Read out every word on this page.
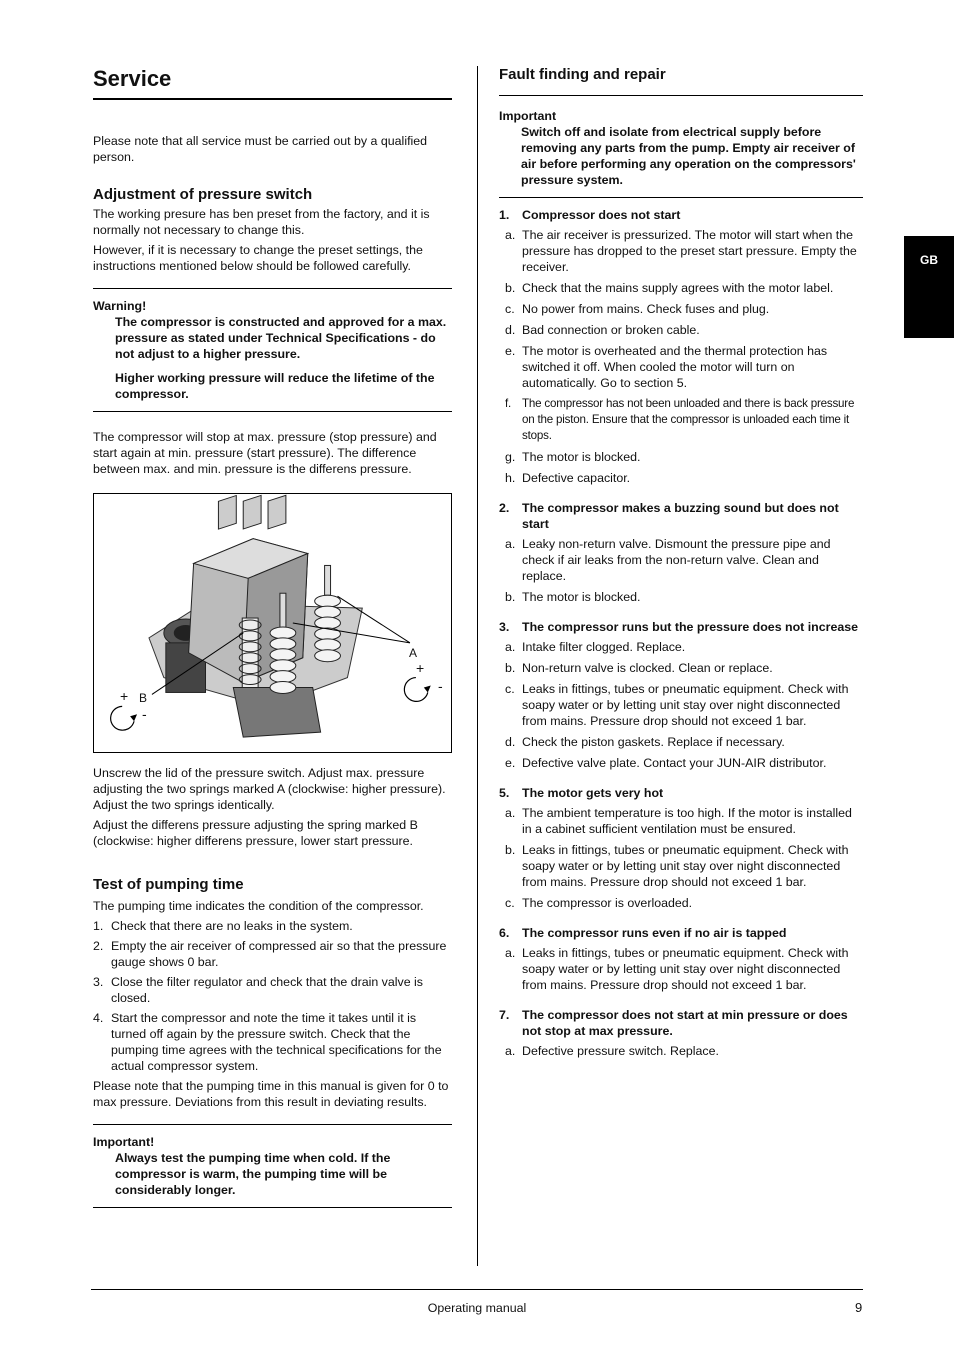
GB
Service

Please note that all service must be carried out by a qualified person.

Adjustment of pressure switch

The working presure has ben preset from the factory, and it is normally not necessary to change this.

However, if it is necessary to change the preset settings, the instructions mentioned below should be followed carefully.

Warning!

The compressor is constructed and approved for a max. pressure as stated under Technical Specifications - do not adjust to a higher pressure.

Higher working pressure will reduce the lifetime of the compressor.

The compressor will stop at max. pressure (stop pressure) and start again at min. pressure (start pressure). The difference between max. and min. pressure is the differens pressure.

A
+
-
B
+
-

Unscrew the lid of the pressure switch. Adjust max. pressure adjusting the two springs marked A (clockwise: higher pressure). Adjust the two springs identically.

Adjust the differens pressure adjusting the spring marked B (clockwise: higher differens pressure, lower start pressure.

Test of pumping time

The pumping time indicates the condition of the compressor.

1. Check that there are no leaks in the system.
2. Empty the air receiver of compressed air so that the pressure gauge shows 0 bar.
3. Close the filter regulator and check that the drain valve is closed.
4. Start the compressor and note the time it takes until it is turned off again by the pressure switch. Check that the pumping time agrees with the technical specifications for the actual compressor system.

Please note that the pumping time in this manual is given for 0 to max pressure. Deviations from this result in deviating results.

Important!

Always test the pumping time when cold. If the compressor is warm, the pumping time will be considerably longer.

Fault finding and repair
Important

Switch off and isolate from electrical supply before removing any parts from the pump. Empty air receiver of air before performing any operation on the compressors' pressure system.

1.	Compressor does not start
a. The air receiver is pressurized. The motor will start when the pressure has dropped to the preset start pressure. Empty the receiver.
b. Check that the mains supply agrees with the motor label.
c. No power from mains. Check fuses and plug.
d. Bad connection or broken cable.
e. The motor is overheated and the thermal protection has switched it off. When cooled the motor will turn on automatically. Go to section 5.
f. The compressor has not been unloaded and there is back pressure on the piston. Ensure that the compressor is unloaded each time it stops.
g. The motor is blocked.
h. Defective capacitor.
2.	The compressor makes a buzzing sound but does not start
a. Leaky non-return valve. Dismount the pressure pipe and check if air leaks from the non-return valve. Clean and replace.
b. The motor is blocked.
3.	The compressor runs but the pressure does not increase
a. Intake filter clogged. Replace.
b. Non-return valve is clocked. Clean or replace.
c. Leaks in fittings, tubes or pneumatic equipment. Check with soapy water or by letting unit stay over night disconnected from mains. Pressure drop should not exceed 1 bar.
d. Check the piston gaskets. Replace if necessary.
e. Defective valve plate. Contact your JUN-AIR distributor.
5.	The motor gets very hot
a. The ambient temperature is too high. If the motor is installed in a cabinet sufficient ventilation must be ensured.
b. Leaks in fittings, tubes or pneumatic equipment. Check with soapy water or by letting unit stay over night disconnected from mains. Pressure drop should not exceed 1 bar.
c. The compressor is overloaded.
6.	The compressor runs even if no air is tapped
a. Leaks in fittings, tubes or pneumatic equipment. Check with soapy water or by letting unit stay over night disconnected from mains. Pressure drop should not exceed 1 bar.
7.	The compressor does not start at min pressure or does not stop at max pressure.
a. Defective pressure switch. Replace.
Operating manual	9
